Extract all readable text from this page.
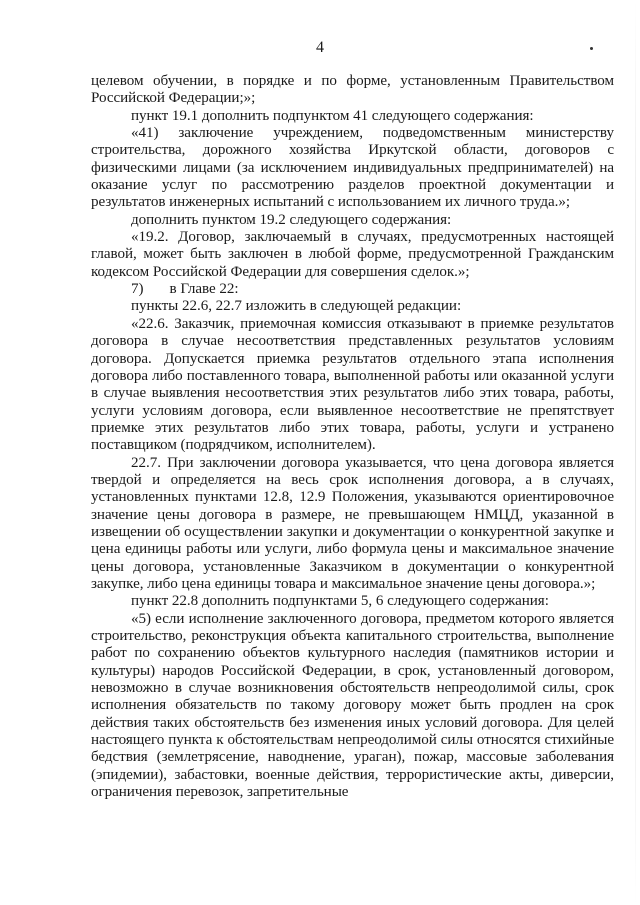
4

целевом обучении, в порядке и по форме, установленным Правительством Российской Федерации;»;

пункт 19.1 дополнить подпунктом 41 следующего содержания:

«41) заключение учреждением, подведомственным министерству строительства, дорожного хозяйства Иркутской области, договоров с физическими лицами (за исключением индивидуальных предпринимателей) на оказание услуг по рассмотрению разделов проектной документации и результатов инженерных испытаний с использованием их личного труда.»;

дополнить пунктом 19.2 следующего содержания:

«19.2. Договор, заключаемый в случаях, предусмотренных настоящей главой, может быть заключен в любой форме, предусмотренной Гражданским кодексом Российской Федерации для совершения сделок.»;

7)       в Главе 22:

пункты 22.6, 22.7 изложить в следующей редакции:

«22.6. Заказчик, приемочная комиссия отказывают в приемке результатов договора в случае несоответствия представленных результатов условиям договора. Допускается приемка результатов отдельного этапа исполнения договора либо поставленного товара, выполненной работы или оказанной услуги в случае выявления несоответствия этих результатов либо этих товара, работы, услуги условиям договора, если выявленное несоответствие не препятствует приемке этих результатов либо этих товара, работы, услуги и устранено поставщиком (подрядчиком, исполнителем).

22.7. При заключении договора указывается, что цена договора является твердой и определяется на весь срок исполнения договора, а в случаях, установленных пунктами 12.8, 12.9 Положения, указываются ориентировочное значение цены договора в размере, не превышающем НМЦД, указанной в извещении об осуществлении закупки и документации о конкурентной закупке и цена единицы работы или услуги, либо формула цены и максимальное значение цены договора, установленные Заказчиком в документации о конкурентной закупке, либо цена единицы товара и максимальное значение цены договора.»;

пункт 22.8 дополнить подпунктами 5, 6 следующего содержания:

«5) если исполнение заключенного договора, предметом которого является строительство, реконструкция объекта капитального строительства, выполнение работ по сохранению объектов культурного наследия (памятников истории и культуры) народов Российской Федерации, в срок, установленный договором, невозможно в случае возникновения обстоятельств непреодолимой силы, срок исполнения обязательств по такому договору может быть продлен на срок действия таких обстоятельств без изменения иных условий договора. Для целей настоящего пункта к обстоятельствам непреодолимой силы относятся стихийные бедствия (землетрясение, наводнение, ураган), пожар, массовые заболевания (эпидемии), забастовки, военные действия, террористические акты, диверсии, ограничения перевозок, запретительные
